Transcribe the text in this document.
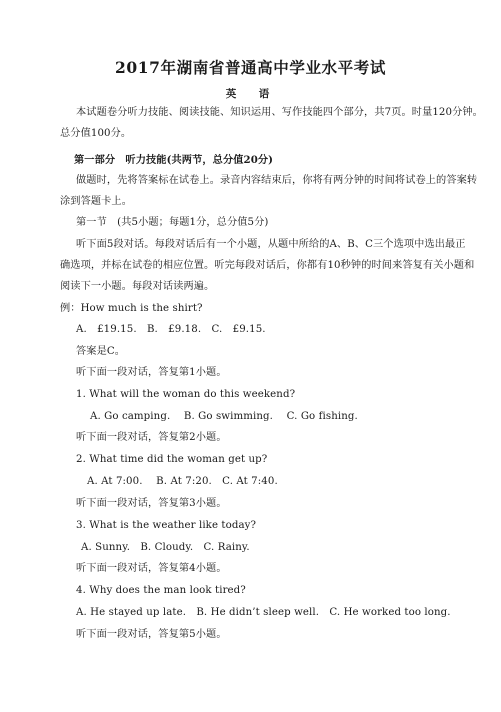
2017年湖南省普通高中学业水平考试
英　语
本试题卷分听力技能、阅读技能、知识运用、写作技能四个部分，共7页。时量120分钟。
总分值100分。
第一部分　听力技能(共两节，总分值20分)
做题时，先将答案标在试卷上。录音内容结束后，你将有两分钟的时间将试卷上的答案转
涂到答题卡上。
第一节　(共5小题；每题1分，总分值5分)
听下面5段对话。每段对话后有一个小题，从题中所给的A、B、C三个选项中选出最正
确选项，并标在试卷的相应位置。听完每段对话后，你都有10秒钟的时间来答复有关小题和
阅读下一小题。每段对话读两遍。
例：How much is the shirt?
A.　£19.15.　B.　£9.18.　C.　£9.15.
答案是C。
听下面一段对话，答复第1小题。
1. What will the woman do this weekend?
A. Go camping.　 B. Go swimming.　 C. Go fishing.
听下面一段对话，答复第2小题。
2. What time did the woman get up?
A. At 7:00.　 B. At 7:20.　C. At 7:40.
听下面一段对话，答复第3小题。
3. What is the weather like today?
A. Sunny.　B. Cloudy.　C. Rainy.
听下面一段对话，答复第4小题。
4. Why does the man look tired?
A. He stayed up late.　B. He didn’t sleep well.　C. He worked too long.
听下面一段对话，答复第5小题。
